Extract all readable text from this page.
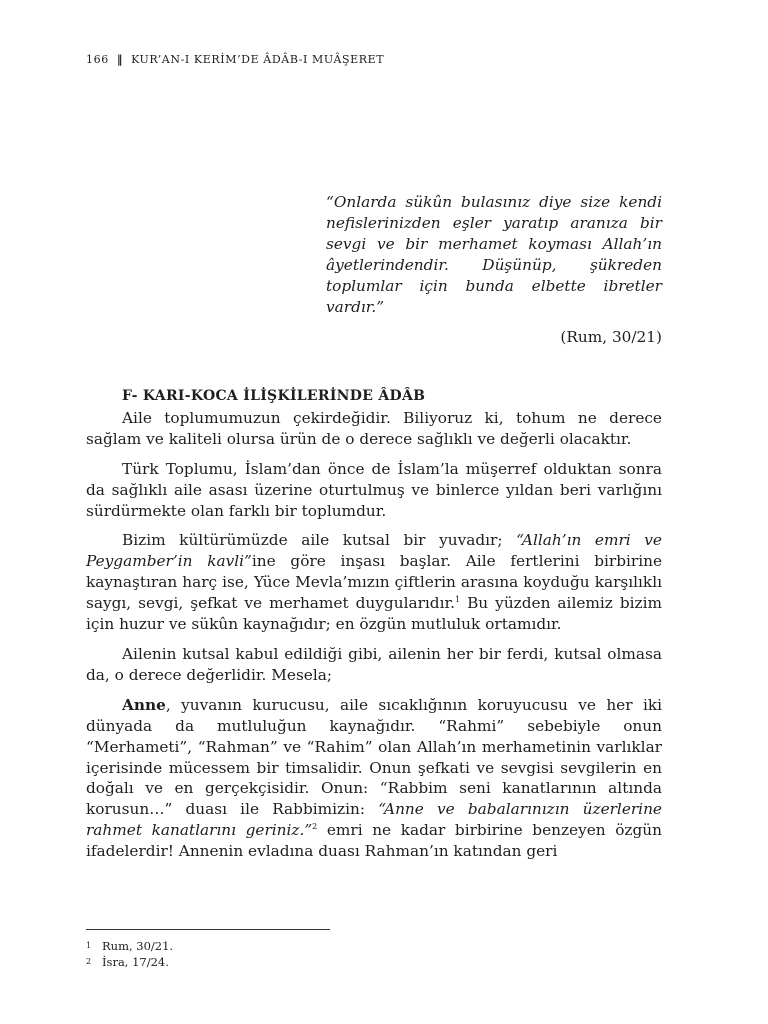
166 ‖ KUR’AN-I KERİM’DE ÂDÂB-I MUÂŞERET
“Onlarda sükûn bulasınız diye size kendi nefislerinizden eşler yaratıp aranıza bir sevgi ve bir merhamet koyması Allah’ın âyetlerindendir. Düşünüp, şükreden toplumlar için bunda elbette ibretler vardır.”
(Rum, 30/21)
F- KARI-KOCA İLİŞKİLERİNDE ÂDÂB

Aile toplumumuzun çekirdeğidir. Biliyoruz ki, tohum ne derece sağlam ve kaliteli olursa ürün de o derece sağlıklı ve değerli olacaktır.

Türk Toplumu, İslam’dan önce de İslam’la müşerref olduktan sonra da sağlıklı aile asası üzerine oturtulmuş ve binlerce yıldan beri varlığını sürdürmekte olan farklı bir toplumdur.

Bizim kültürümüzde aile kutsal bir yuvadır; “Allah’ın emri ve Peygamber’in kavli”ine göre inşası başlar. Aile fertlerini birbirine kaynaştıran harç ise, Yüce Mevla’mızın çiftlerin arasına koyduğu karşılıklı saygı, sevgi, şefkat ve merhamet duygularıdır.$^1$ Bu yüzden ailemiz bizim için huzur ve sükûn kaynağıdır; en özgün mutluluk ortamıdır.

Ailenin kutsal kabul edildiği gibi, ailenin her bir ferdi, kutsal olmasa da, o derece değerlidir. Mesela;

Anne, yuvanın kurucusu, aile sıcaklığının koruyucusu ve her iki dünyada da mutluluğun kaynağıdır. “Rahmi” sebebiyle onun “Merhameti”, “Rahman” ve “Rahim” olan Allah’ın merhametinin varlıklar içerisinde mücessem bir timsalidir. Onun şefkati ve sevgisi sevgilerin en doğalı ve en gerçekçisidir. Onun: “Rabbim seni kanatlarının altında korusun…” duası ile Rabbimizin: “Anne ve babalarınızın üzerlerine rahmet kanatlarını geriniz.”$^2$ emri ne kadar birbirine benzeyen özgün ifadelerdir! Annenin evladına duası Rahman’ın katından geri

1 Rum, 30/21.
2 İsra, 17/24.
